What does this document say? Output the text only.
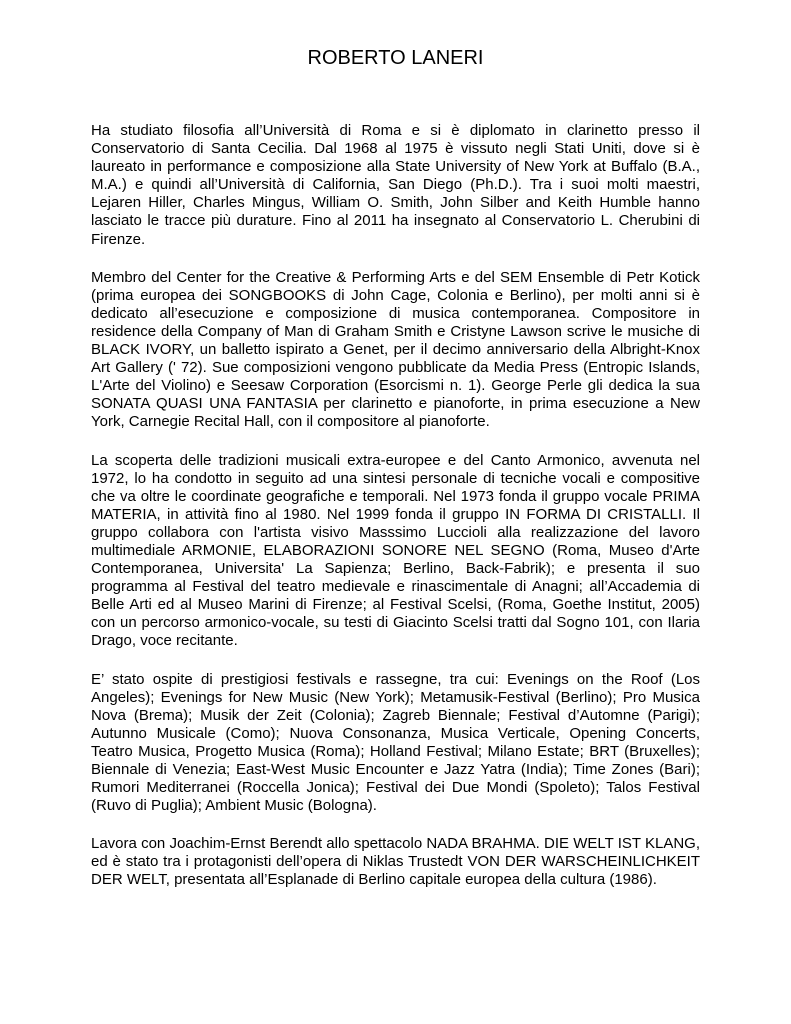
ROBERTO LANERI

Ha studiato filosofia all’Università di Roma e si è diplomato in clarinetto presso il Conservatorio di Santa Cecilia. Dal 1968 al 1975 è vissuto negli Stati Uniti, dove si è laureato in performance e composizione alla State University of New York at Buffalo (B.A., M.A.) e quindi all’Università di California, San Diego (Ph.D.). Tra i suoi molti maestri, Lejaren Hiller, Charles Mingus, William O. Smith, John Silber and Keith Humble hanno lasciato le tracce più durature. Fino al 2011 ha insegnato al Conservatorio L. Cherubini di Firenze.

Membro del Center for the Creative & Performing Arts e del SEM Ensemble di Petr Kotick (prima europea dei SONGBOOKS di John Cage, Colonia e Berlino), per molti anni si è dedicato all’esecuzione e composizione di musica contemporanea. Compositore in residence della Company of Man di Graham Smith e Cristyne Lawson scrive le musiche di BLACK IVORY, un balletto ispirato a Genet, per il decimo anniversario della Albright-Knox Art Gallery (' 72). Sue composizioni vengono pubblicate da Media Press (Entropic Islands, L'Arte del Violino) e Seesaw Corporation (Esorcismi n. 1). George Perle gli dedica la sua SONATA QUASI UNA FANTASIA per clarinetto e pianoforte, in prima esecuzione a New York, Carnegie Recital Hall, con il compositore al pianoforte.

La scoperta delle tradizioni musicali extra-europee e del Canto Armonico, avvenuta nel 1972, lo ha condotto in seguito ad una sintesi personale di tecniche vocali e compositive che va oltre le coordinate geografiche e temporali. Nel 1973 fonda il gruppo vocale PRIMA MATERIA, in attività fino al 1980. Nel 1999 fonda il gruppo IN FORMA DI CRISTALLI. Il gruppo collabora con l'artista visivo Masssimo Luccioli alla realizzazione del lavoro multimediale ARMONIE, ELABORAZIONI SONORE NEL SEGNO (Roma, Museo d'Arte Contemporanea, Universita' La Sapienza; Berlino, Back-Fabrik); e presenta il suo programma al Festival del teatro medievale e rinascimentale di Anagni; all’Accademia di Belle Arti ed al Museo Marini di Firenze; al Festival Scelsi, (Roma, Goethe Institut, 2005) con un percorso armonico-vocale, su testi di Giacinto Scelsi tratti dal Sogno 101, con Ilaria Drago, voce recitante.

E’ stato ospite di prestigiosi festivals e rassegne, tra cui: Evenings on the Roof (Los Angeles); Evenings for New Music (New York); Metamusik-Festival (Berlino); Pro Musica Nova (Brema); Musik der Zeit (Colonia); Zagreb Biennale; Festival d’Automne (Parigi); Autunno Musicale (Como); Nuova Consonanza, Musica Verticale, Opening Concerts, Teatro Musica, Progetto Musica (Roma); Holland Festival; Milano Estate; BRT (Bruxelles); Biennale di Venezia; East-West Music Encounter e Jazz Yatra (India); Time Zones (Bari); Rumori Mediterranei (Roccella Jonica); Festival dei Due Mondi (Spoleto); Talos Festival (Ruvo di Puglia); Ambient Music (Bologna).

Lavora con Joachim-Ernst Berendt allo spettacolo NADA BRAHMA. DIE WELT IST KLANG, ed è stato tra i protagonisti dell’opera di Niklas Trustedt VON DER WARSCHEINLICHKEIT DER WELT, presentata all’Esplanade di Berlino capitale europea della cultura (1986).
